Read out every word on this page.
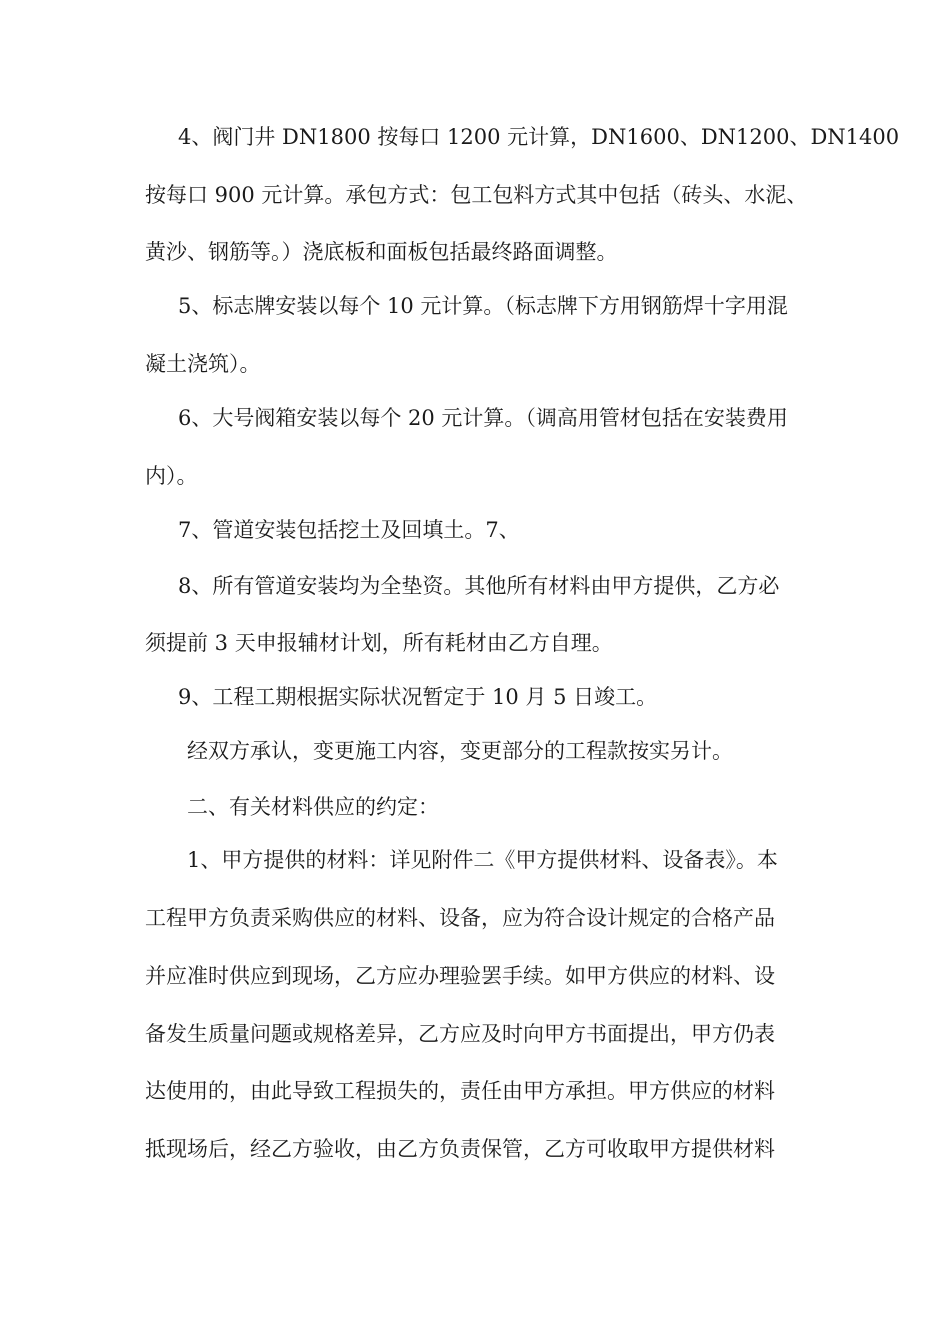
4、阀门井 DN1800 按每口 1200 元计算，DN1600、DN1200、DN1400
按每口 900 元计算。承包方式：包工包料方式其中包括（砖头、水泥、
黄沙、钢筋等。）浇底板和面板包括最终路面调整。
5、标志牌安装以每个 10 元计算。（标志牌下方用钢筋焊十字用混
凝土浇筑）。
6、大号阀箱安装以每个 20 元计算。（调高用管材包括在安装费用
内）。
7、管道安装包括挖土及回填土。7、
8、所有管道安装均为全垫资。其他所有材料由甲方提供，乙方必
须提前 3 天申报辅材计划，所有耗材由乙方自理。
9、工程工期根据实际状况暂定于 10 月 5 日竣工。
经双方承认，变更施工内容，变更部分的工程款按实另计。
二、有关材料供应的约定：
1、甲方提供的材料：详见附件二《甲方提供材料、设备表》。本
工程甲方负责采购供应的材料、设备，应为符合设计规定的合格产品
并应准时供应到现场，乙方应办理验罢手续。如甲方供应的材料、设
备发生质量问题或规格差异，乙方应及时向甲方书面提出，甲方仍表
达使用的，由此导致工程损失的，责任由甲方承担。甲方供应的材料
抵现场后，经乙方验收，由乙方负责保管，乙方可收取甲方提供材料
